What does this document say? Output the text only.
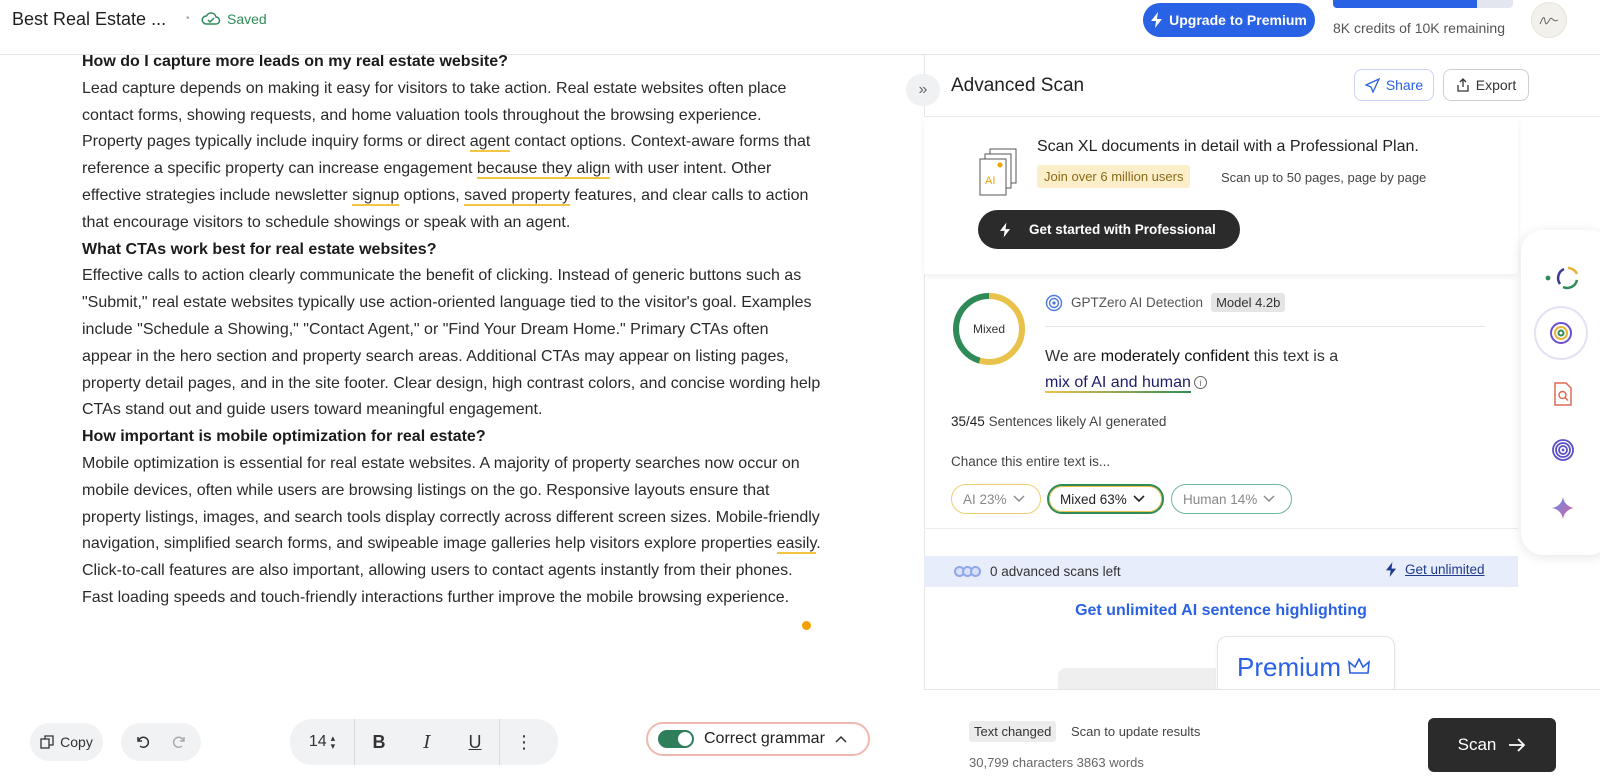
Best Real Estate ... •	Saved	Upgrade to Premium 8K credits of 10K remaining
How do I capture more leads on my real estate website?

Lead capture depends on making it easy for visitors to take action. Real estate websites often place contact forms, showing requests, and home valuation tools throughout the browsing experience. Property pages typically include inquiry forms or direct agent contact options. Context-aware forms that reference a specific property can increase engagement because they align with user intent. Other effective strategies include newsletter signup options, saved property features, and clear calls to action that encourage visitors to schedule showings or speak with an agent.

What CTAs work best for real estate websites?

Effective calls to action clearly communicate the benefit of clicking. Instead of generic buttons such as "Submit," real estate websites typically use action-oriented language tied to the visitor's goal. Examples include "Schedule a Showing," "Contact Agent," or "Find Your Dream Home." Primary CTAs often appear in the hero section and property search areas. Additional CTAs may appear on listing pages, property detail pages, and in the site footer. Clear design, high contrast colors, and concise wording help CTAs stand out and guide users toward meaningful engagement.

How important is mobile optimization for real estate?

Mobile optimization is essential for real estate websites. A majority of property searches now occur on mobile devices, often while users are browsing listings on the go. Responsive layouts ensure that property listings, images, and search tools display correctly across different screen sizes. Mobile-friendly navigation, simplified search forms, and swipeable image galleries help visitors explore properties easily. Click-to-call features are also important, allowing users to contact agents instantly from their phones. Fast loading speeds and touch-friendly interactions further improve the mobile browsing experience.

Copy	14 ▴
▾	B	I	U	⋮	Correct grammar
» Advanced Scan	Share	Export
AI
Scan XL documents in detail with a Professional Plan.
Join over 6 million users	Scan up to 50 pages, page by page
Get started with Professional
Mixed
GPTZero AI Detection	Model 4.2b
We are moderately confident this text is a
mix of AI and human i
35/45 Sentences likely AI generated
Chance this entire text is...
AI 23%	Mixed 63%	Human 14%
0 advanced scans left	Get unlimited
Get unlimited AI sentence highlighting
Premium
Text changed	Scan to update results
30,799 characters 3863 words
Scan
